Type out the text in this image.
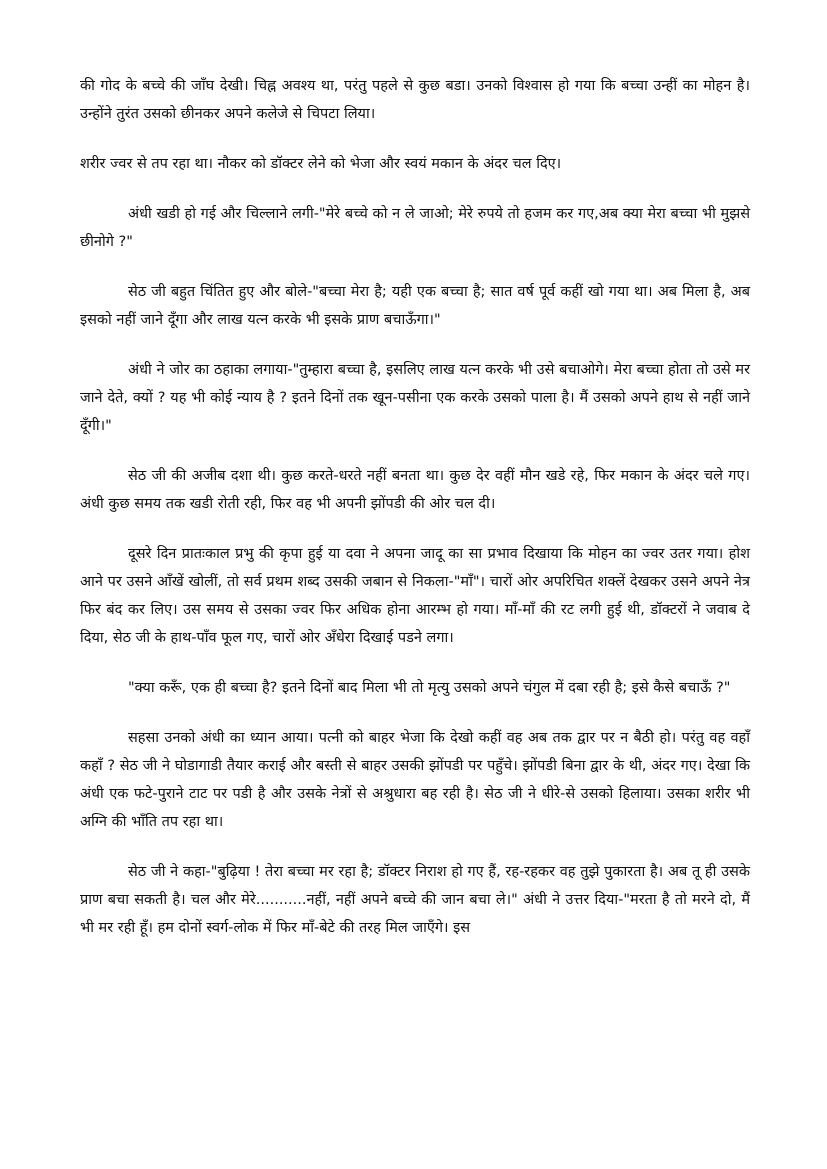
की गोद के बच्चे की जाँघ देखी। चिह्न अवश्य था, परंतु पहले से कुछ बडा। उनको विश्वास हो गया कि बच्चा उन्हीं का मोहन है। उन्होंने तुरंत उसको छीनकर अपने कलेजे से चिपटा लिया।

शरीर ज्वर से तप रहा था। नौकर को डॉक्टर लेने को भेजा और स्वयं मकान के अंदर चल दिए।

अंधी खडी हो गई और चिल्लाने लगी-"मेरे बच्चे को न ले जाओ; मेरे रुपये तो हजम कर गए,अब क्या मेरा बच्चा भी मुझसे छीनोगे ?"

सेठ जी बहुत चिंतित हुए और बोले-"बच्चा मेरा है; यही एक बच्चा है; सात वर्ष पूर्व कहीं खो गया था। अब मिला है, अब इसको नहीं जाने दूँगा और लाख यत्न करके भी इसके प्राण बचाऊँगा।"

अंधी ने जोर का ठहाका लगाया-"तुम्हारा बच्चा है, इसलिए लाख यत्न करके भी उसे बचाओगे। मेरा बच्चा होता तो उसे मर जाने देते, क्यों ? यह भी कोई न्याय है ? इतने दिनों तक खून-पसीना एक करके उसको पाला है। मैं उसको अपने हाथ से नहीं जाने दूँगी।"

सेठ जी की अजीब दशा थी। कुछ करते-धरते नहीं बनता था। कुछ देर वहीं मौन खडे रहे, फिर मकान के अंदर चले गए। अंधी कुछ समय तक खडी रोती रही, फिर वह भी अपनी झोंपडी की ओर चल दी।

दूसरे दिन प्रातःकाल प्रभु की कृपा हुई या दवा ने अपना जादू का सा प्रभाव दिखाया कि मोहन का ज्वर उतर गया। होश आने पर उसने आँखें खोलीं, तो सर्व प्रथम शब्द उसकी जबान से निकला-"माँ"। चारों ओर अपरिचित शक्लें देखकर उसने अपने नेत्र फिर बंद कर लिए। उस समय से उसका ज्वर फिर अधिक होना आरम्भ हो गया। माँ-माँ की रट लगी हुई थी, डॉक्टरों ने जवाब दे दिया, सेठ जी के हाथ-पाँव फूल गए, चारों ओर अँधेरा दिखाई पडने लगा।

"क्या करूँ, एक ही बच्चा है? इतने दिनों बाद मिला भी तो मृत्यु उसको अपने चंगुल में दबा रही है; इसे कैसे बचाऊँ ?"

सहसा उनको अंधी का ध्यान आया। पत्नी को बाहर भेजा कि देखो कहीं वह अब तक द्वार पर न बैठी हो। परंतु वह वहाँ कहाँ ? सेठ जी ने घोडागाडी तैयार कराई और बस्ती से बाहर उसकी झोंपडी पर पहुँचे। झोंपडी बिना द्वार के थी, अंदर गए। देखा कि अंधी एक फटे-पुराने टाट पर पडी है और उसके नेत्रों से अश्रुधारा बह रही है। सेठ जी ने धीरे-से उसको हिलाया। उसका शरीर भी अग्नि की भाँति तप रहा था।

सेठ जी ने कहा-"बुढ़िया ! तेरा बच्चा मर रहा है; डॉक्टर निराश हो गए हैं, रह-रहकर वह तुझे पुकारता है। अब तू ही उसके प्राण बचा सकती है। चल और मेरे...........नहीं, नहीं अपने बच्चे की जान बचा ले।" अंधी ने उत्तर दिया-"मरता है तो मरने दो, मैं भी मर रही हूँ। हम दोनों स्वर्ग-लोक में फिर माँ-बेटे की तरह मिल जाएँगे। इस
